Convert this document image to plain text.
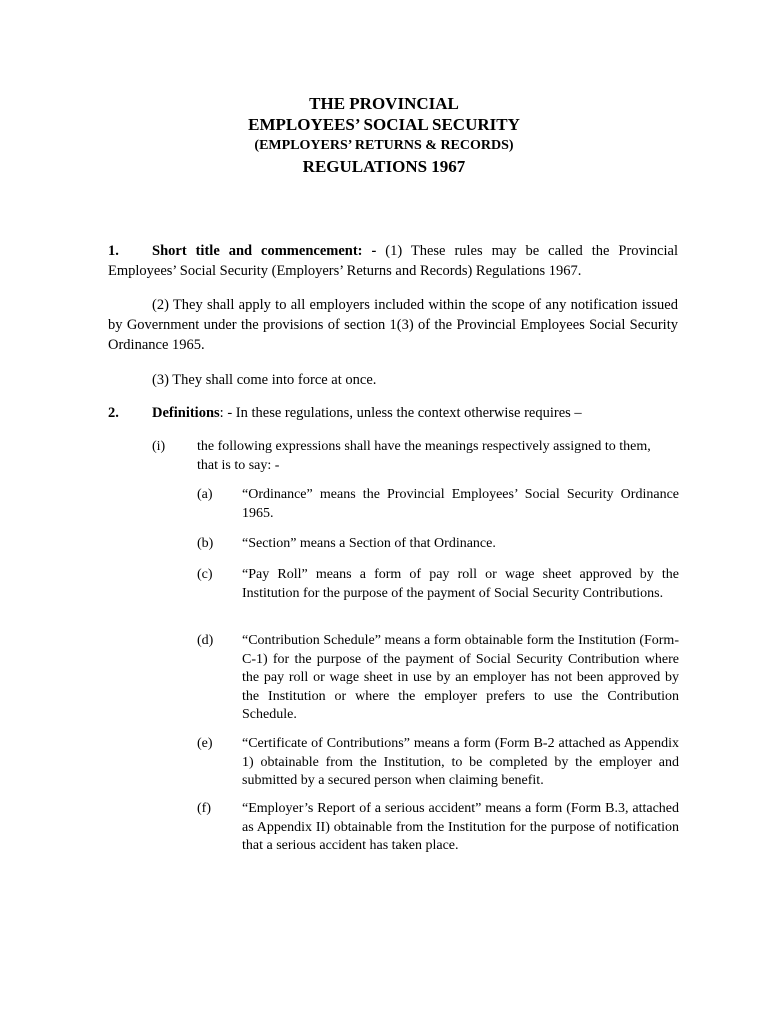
THE PROVINCIAL
EMPLOYEES’ SOCIAL SECURITY
(EMPLOYERS’ RETURNS & RECORDS)
REGULATIONS 1967
1. Short title and commencement: - (1) These rules may be called the Provincial Employees’ Social Security (Employers’ Returns and Records) Regulations 1967.
(2) They shall apply to all employers included within the scope of any notification issued by Government under the provisions of section 1(3) of the Provincial Employees Social Security Ordinance 1965.
(3) They shall come into force at once.
2. Definitions: - In these regulations, unless the context otherwise requires –
(i) the following expressions shall have the meanings respectively assigned to them, that is to say: -
(a) “Ordinance” means the Provincial Employees’ Social Security Ordinance 1965.
(b) “Section” means a Section of that Ordinance.
(c) “Pay Roll” means a form of pay roll or wage sheet approved by the Institution for the purpose of the payment of Social Security Contributions.
(d) “Contribution Schedule” means a form obtainable form the Institution (Form-C-1) for the purpose of the payment of Social Security Contribution where the pay roll or wage sheet in use by an employer has not been approved by the Institution or where the employer prefers to use the Contribution Schedule.
(e) “Certificate of Contributions” means a form (Form B-2 attached as Appendix 1) obtainable from the Institution, to be completed by the employer and submitted by a secured person when claiming benefit.
(f) “Employer’s Report of a serious accident” means a form (Form B.3, attached as Appendix II) obtainable from the Institution for the purpose of notification that a serious accident has taken place.
